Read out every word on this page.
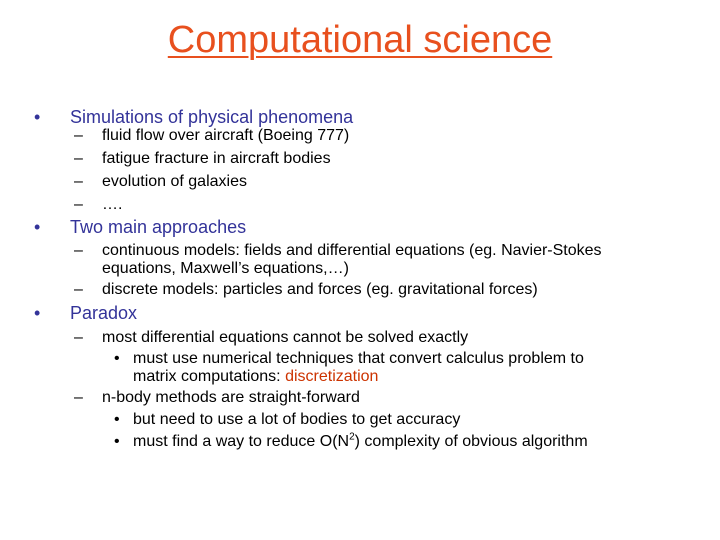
Computational science
• Simulations of physical phenomena
–
– fluid flow over aircraft (Boeing 777)
fatigue fracture in aircraft bodies
– evolution of galaxies
– ….
• Two main approaches
– continuous models: fields and differential equations (eg. Navier-Stokes
equations, Maxwell’s equations,…)
– discrete models: particles and forces (eg. gravitational forces)
• Paradox
– most differential equations cannot be solved exactly
• must use numerical techniques that convert calculus problem to
matrix computations: discretization
– n-body methods are straight-forward
• but need to use a lot of bodies to get accuracy
• must find a way to reduce $O(N^2)$ complexity of obvious algorithm
